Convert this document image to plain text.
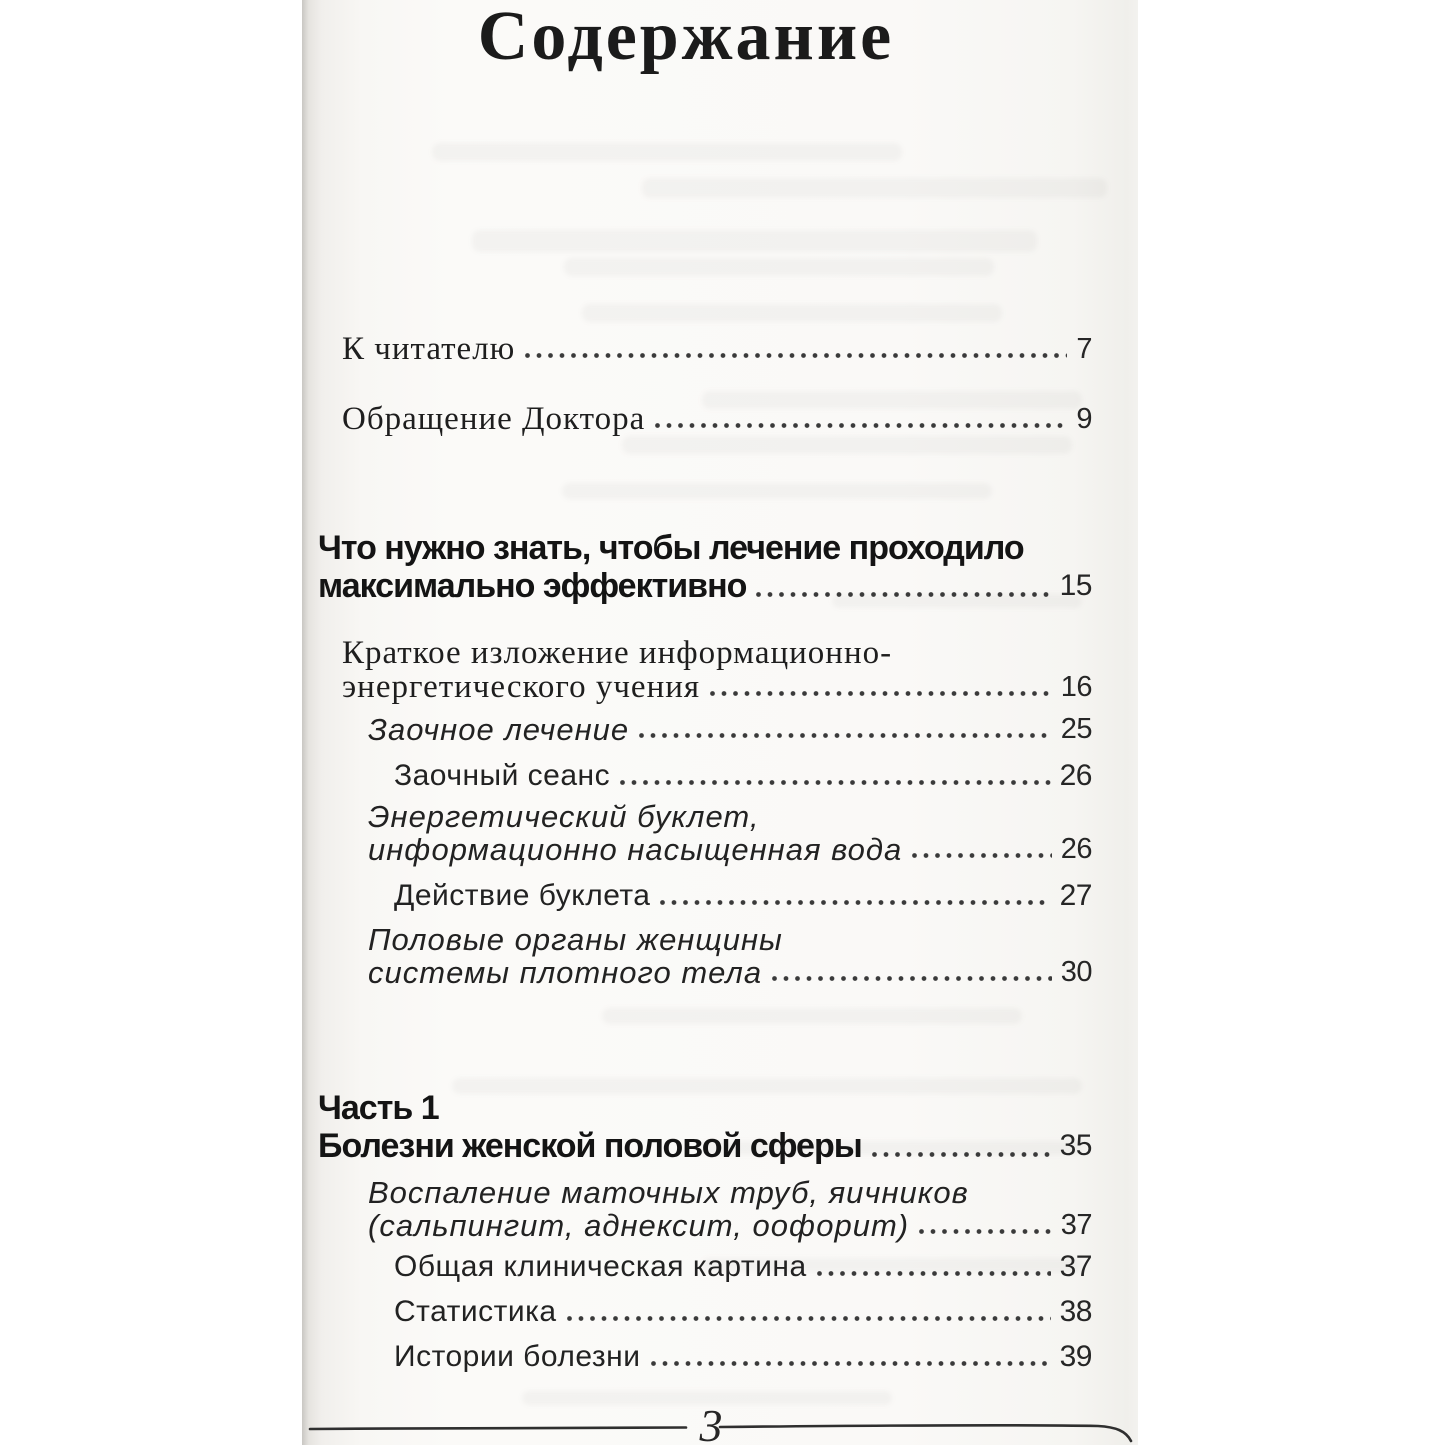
Содержание
К читателю	7
Обращение Доктора	9
Что нужно знать, чтобы лечение проходило
максимально эффективно	15
Краткое изложение информационно-
энергетического учения	16
Заочное лечение	25
Заочный сеанс	26
Энергетический буклет,
информационно насыщенная вода	26
Действие буклета	27
Половые органы женщины
системы плотного тела	30
Часть 1
Болезни женской половой сферы	35
Воспаление маточных труб, яичников
(сальпингит, аднексит, оофорит)	37
Общая клиническая картина	37
Статистика	38
Истории болезни	39
3
